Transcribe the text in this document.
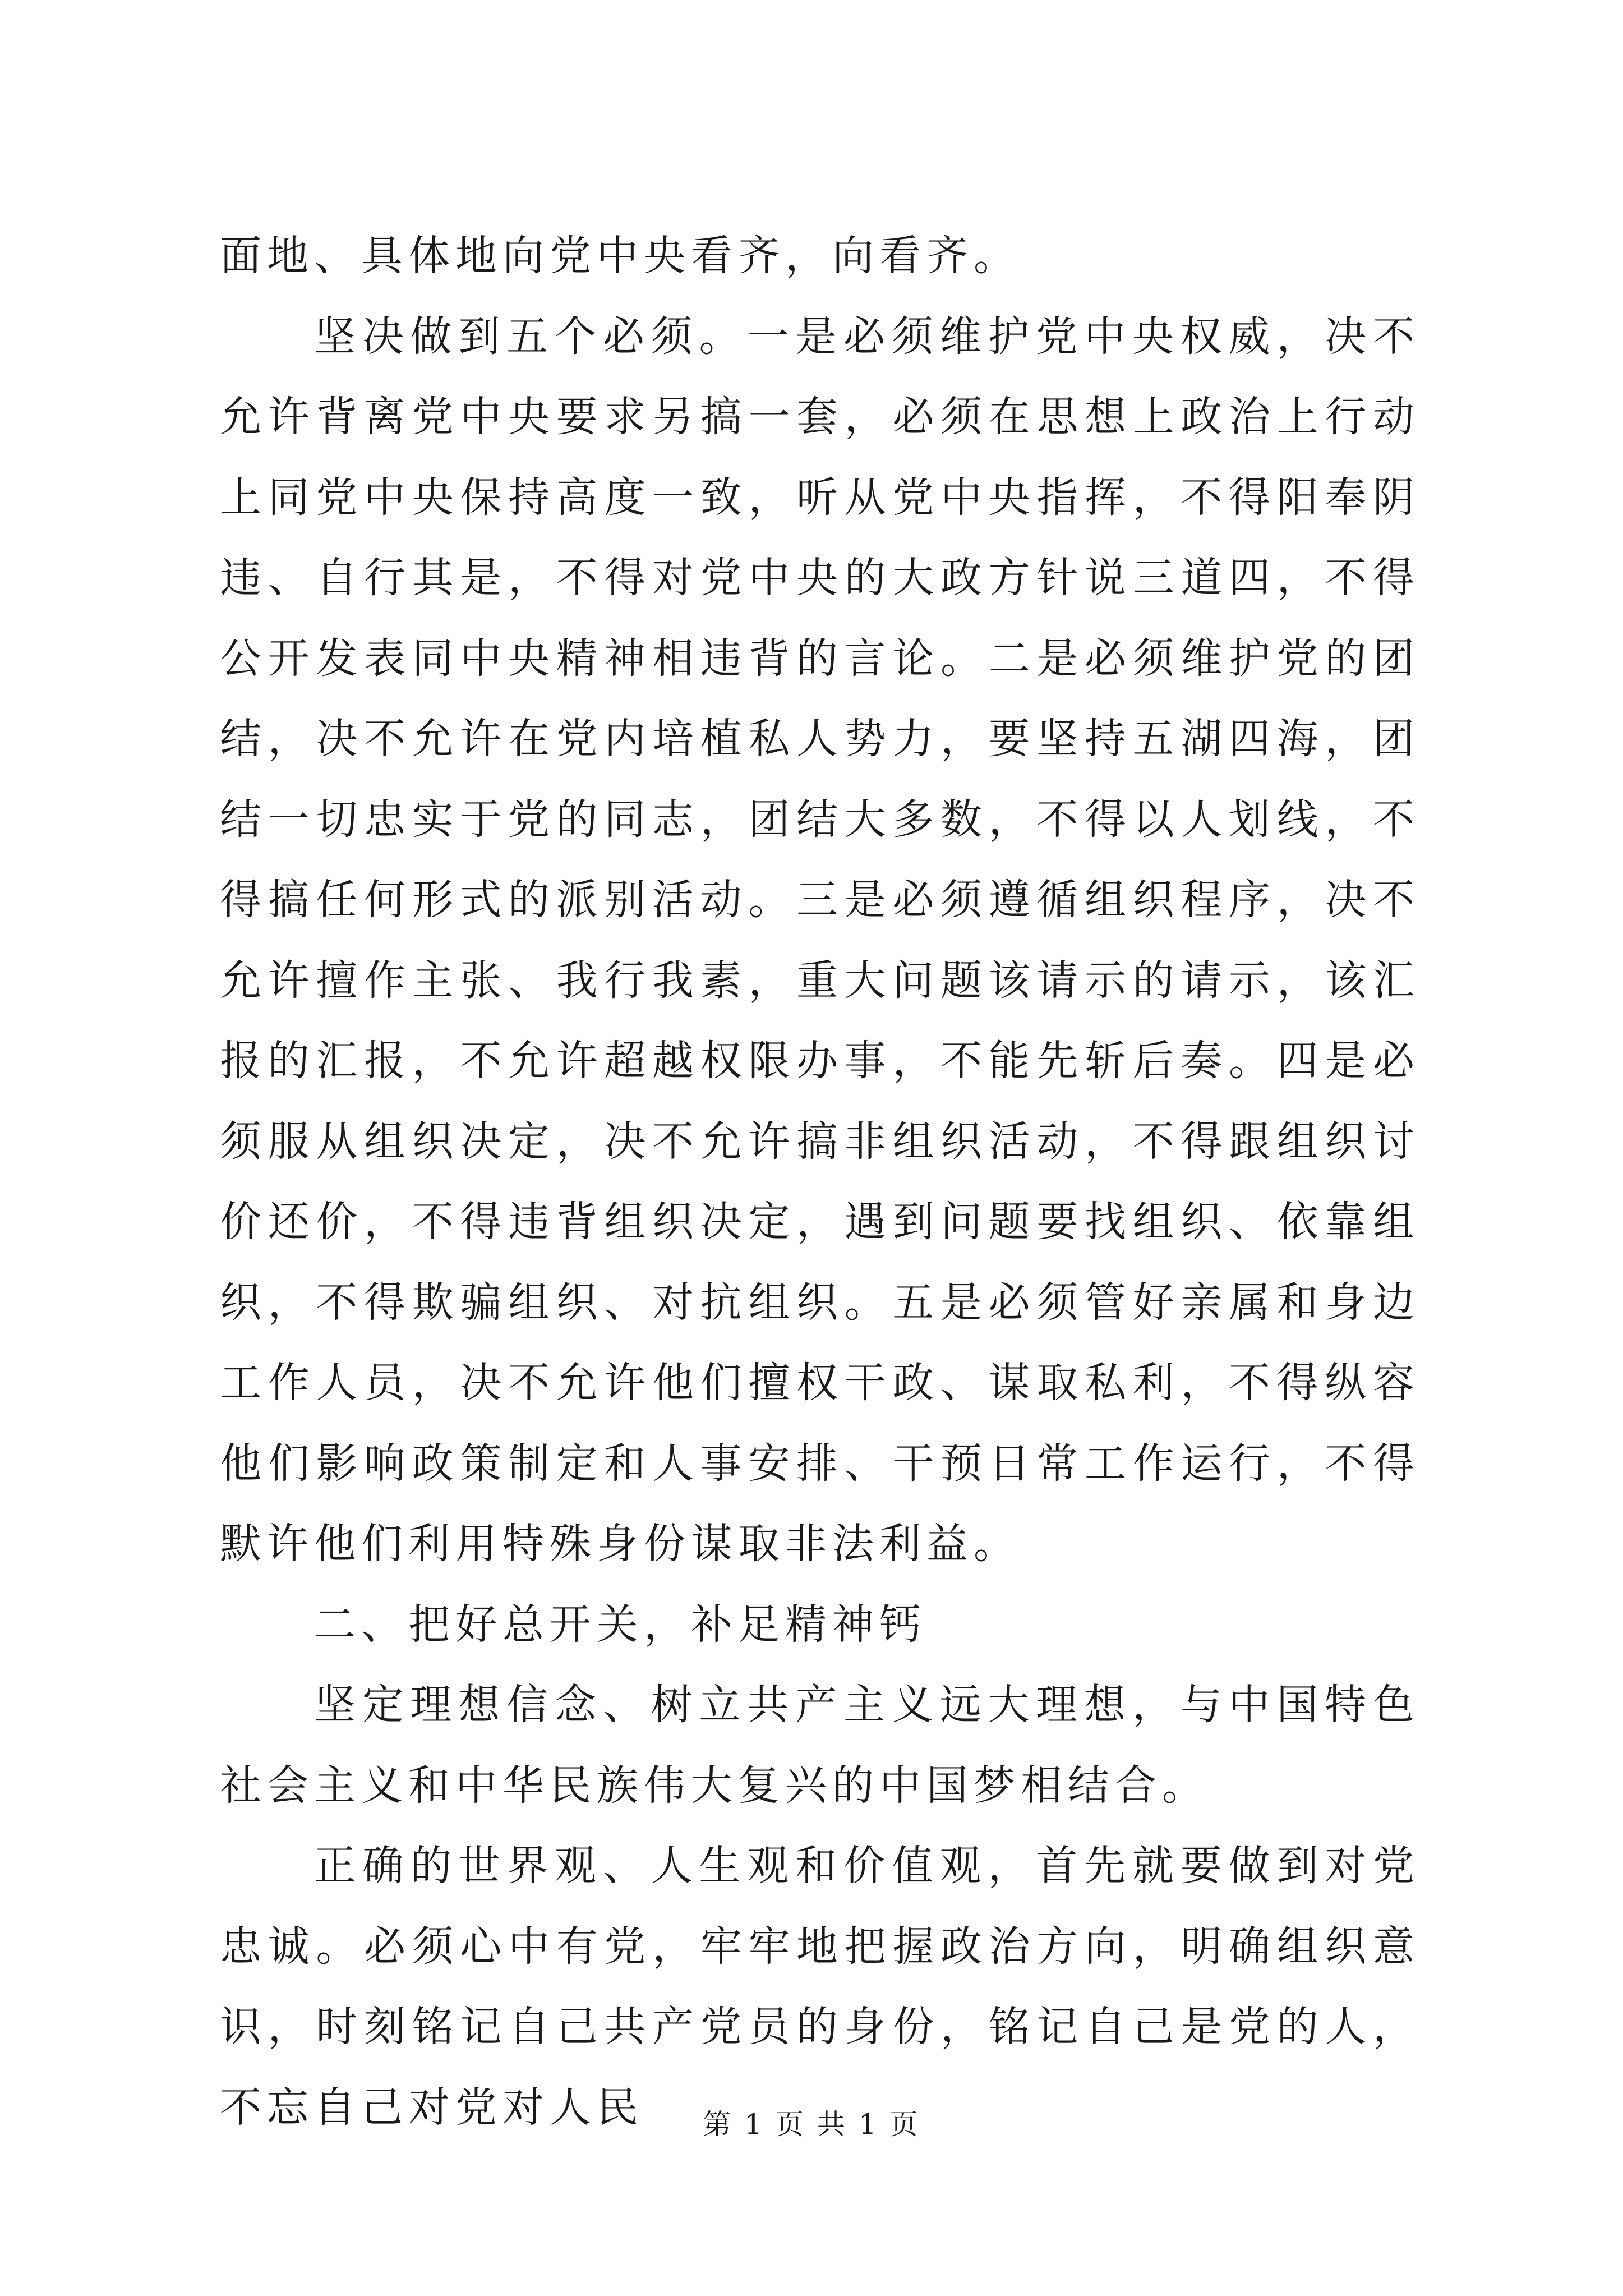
面地、具体地向党中央看齐，向看齐。

坚决做到五个必须。一是必须维护党中央权威，决不允许背离党中央要求另搞一套，必须在思想上政治上行动上同党中央保持高度一致，听从党中央指挥，不得阳奉阴违、自行其是，不得对党中央的大政方针说三道四，不得公开发表同中央精神相违背的言论。二是必须维护党的团结，决不允许在党内培植私人势力，要坚持五湖四海，团结一切忠实于党的同志，团结大多数，不得以人划线，不得搞任何形式的派别活动。三是必须遵循组织程序，决不允许擅作主张、我行我素，重大问题该请示的请示，该汇报的汇报，不允许超越权限办事，不能先斩后奏。四是必须服从组织决定，决不允许搞非组织活动，不得跟组织讨价还价，不得违背组织决定，遇到问题要找组织、依靠组织，不得欺骗组织、对抗组织。五是必须管好亲属和身边工作人员，决不允许他们擅权干政、谋取私利，不得纵容他们影响政策制定和人事安排、干预日常工作运行，不得默许他们利用特殊身份谋取非法利益。

二、把好总开关，补足精神钙

坚定理想信念、树立共产主义远大理想，与中国特色社会主义和中华民族伟大复兴的中国梦相结合。

正确的世界观、人生观和价值观，首先就要做到对党忠诚。必须心中有党，牢牢地把握政治方向，明确组织意识，时刻铭记自己共产党员的身份，铭记自己是党的人，不忘自己对党对人民	第 1 页 共 1 页
